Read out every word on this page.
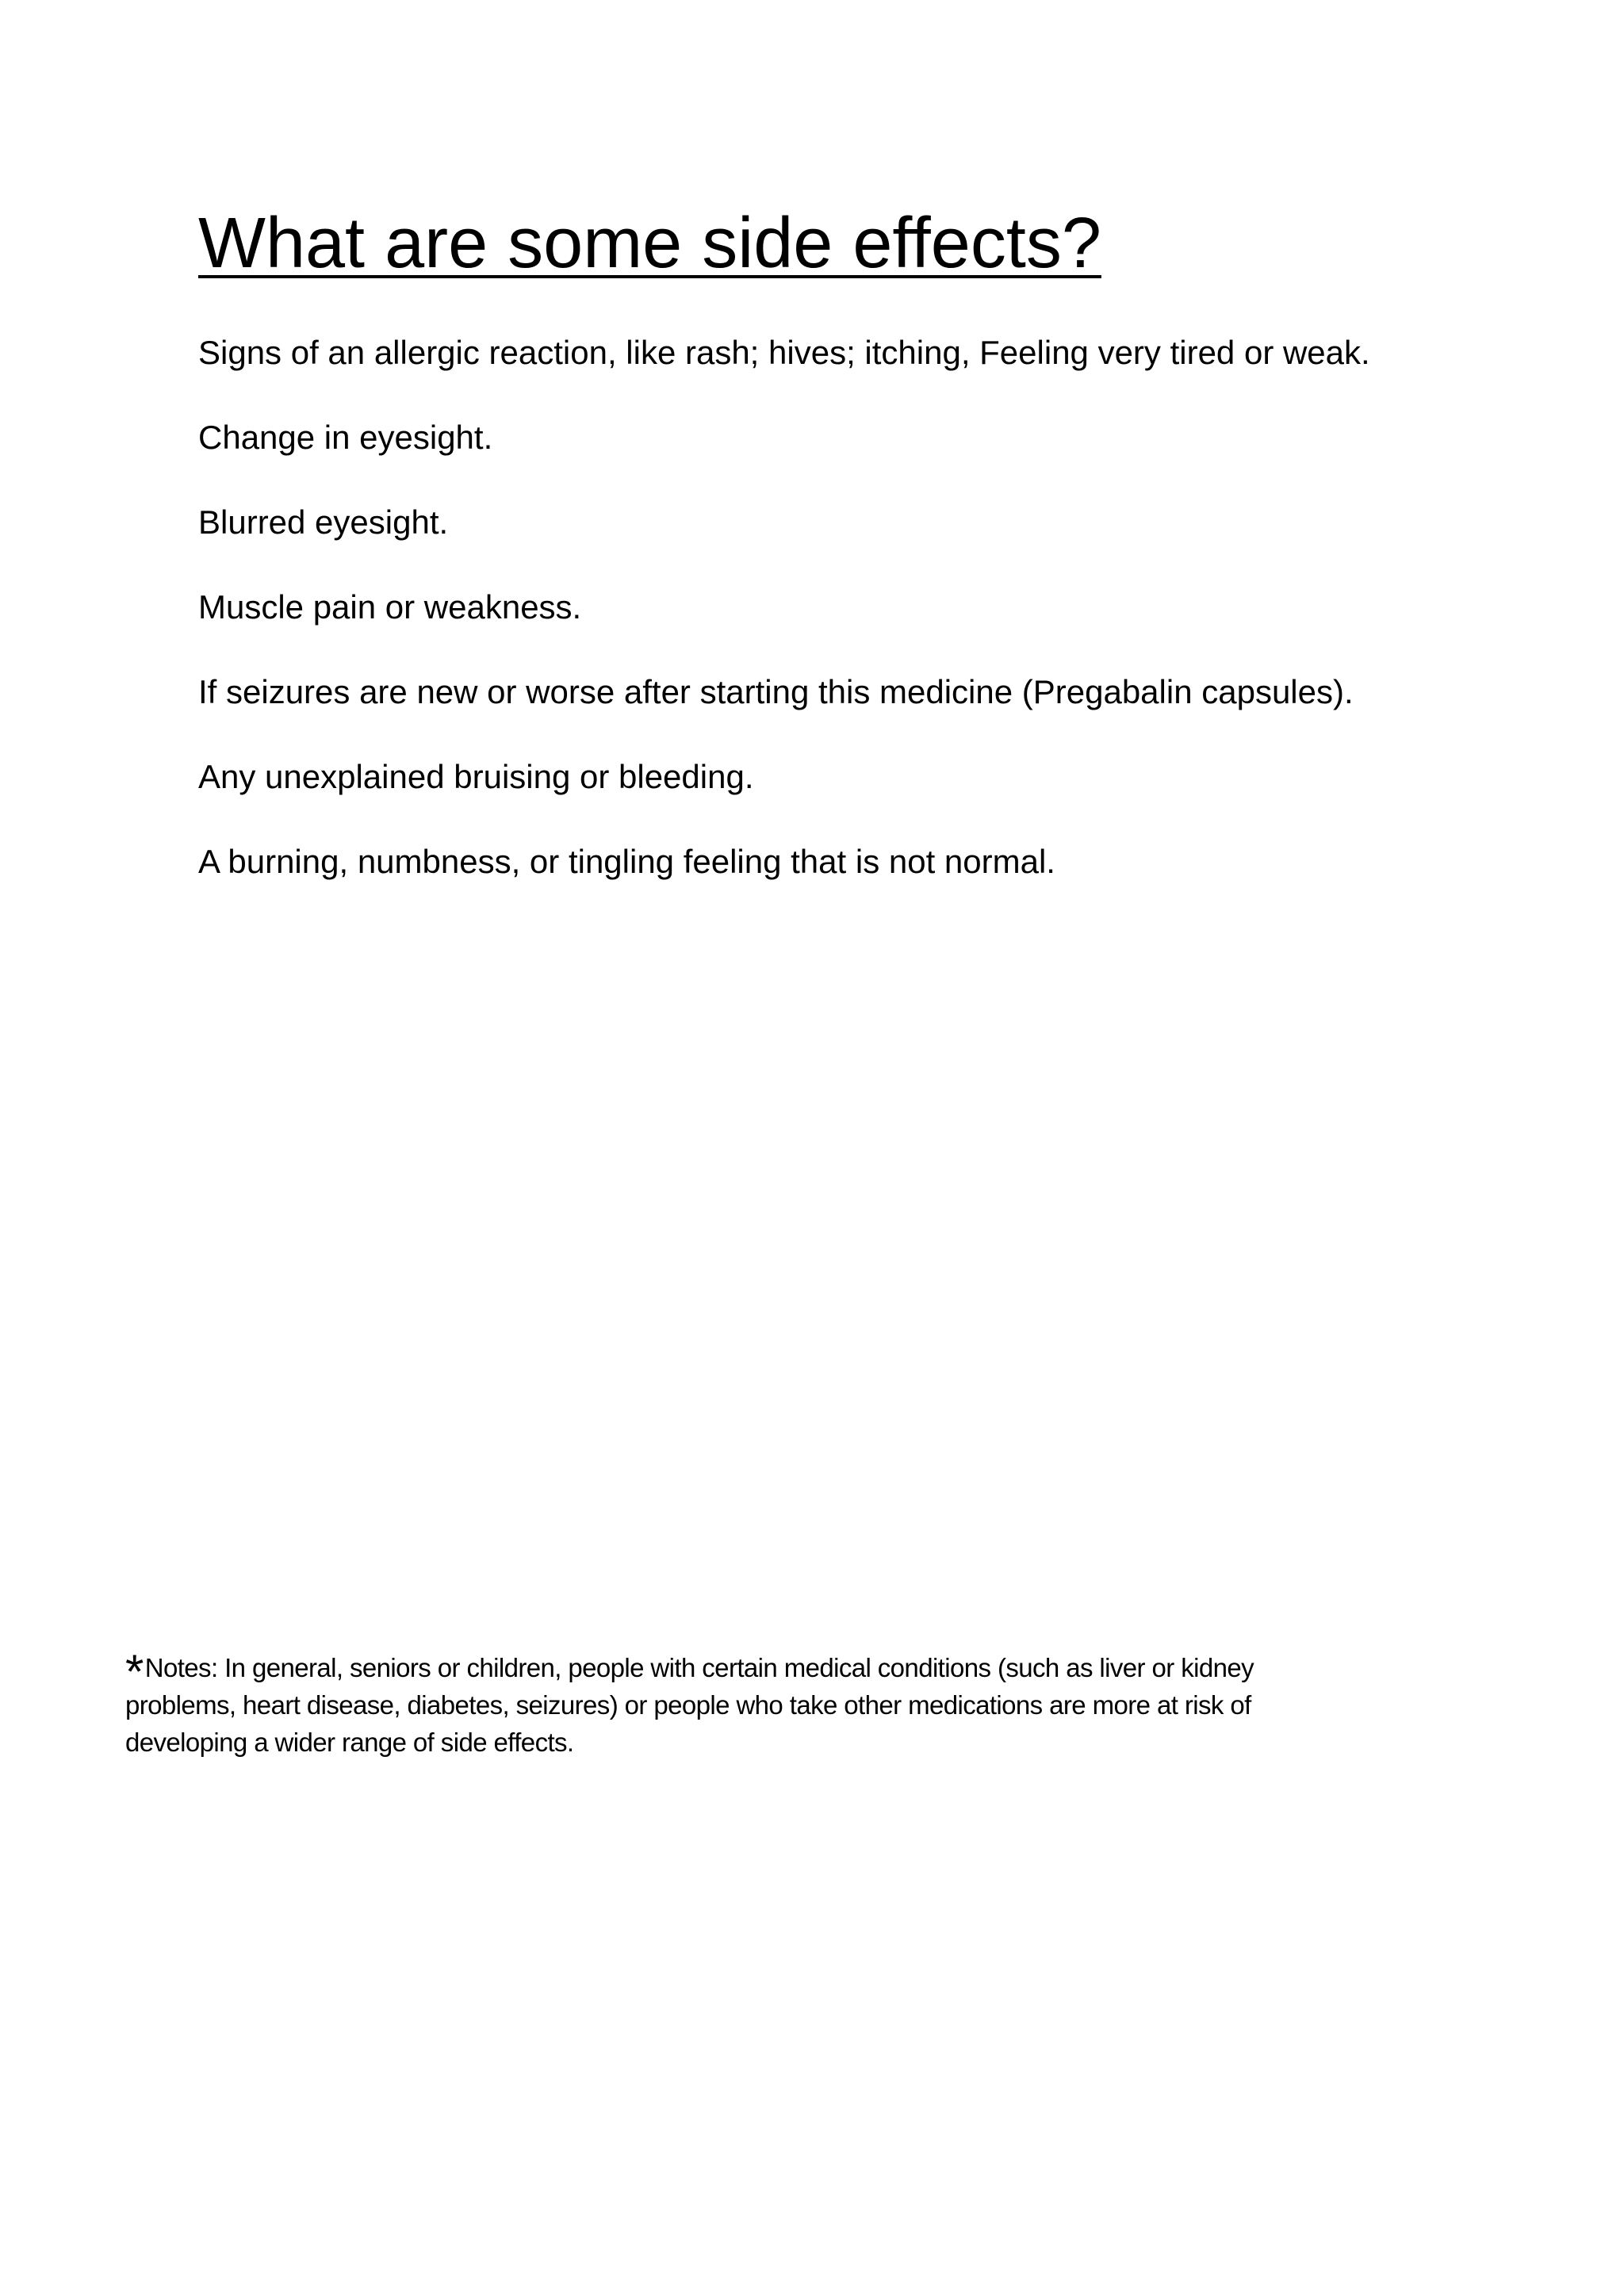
What are some side effects?
Signs of an allergic reaction, like rash; hives; itching, Feeling very tired or weak.
Change in eyesight.
Blurred eyesight.
Muscle pain or weakness.
If seizures are new or worse after starting this medicine (Pregabalin capsules).
Any unexplained bruising or bleeding.
A burning, numbness, or tingling feeling that is not normal.

*Notes: In general, seniors or children, people with certain medical conditions (such as liver or kidney problems, heart disease, diabetes, seizures) or people who take other medications are more at risk of developing a wider range of side effects.
